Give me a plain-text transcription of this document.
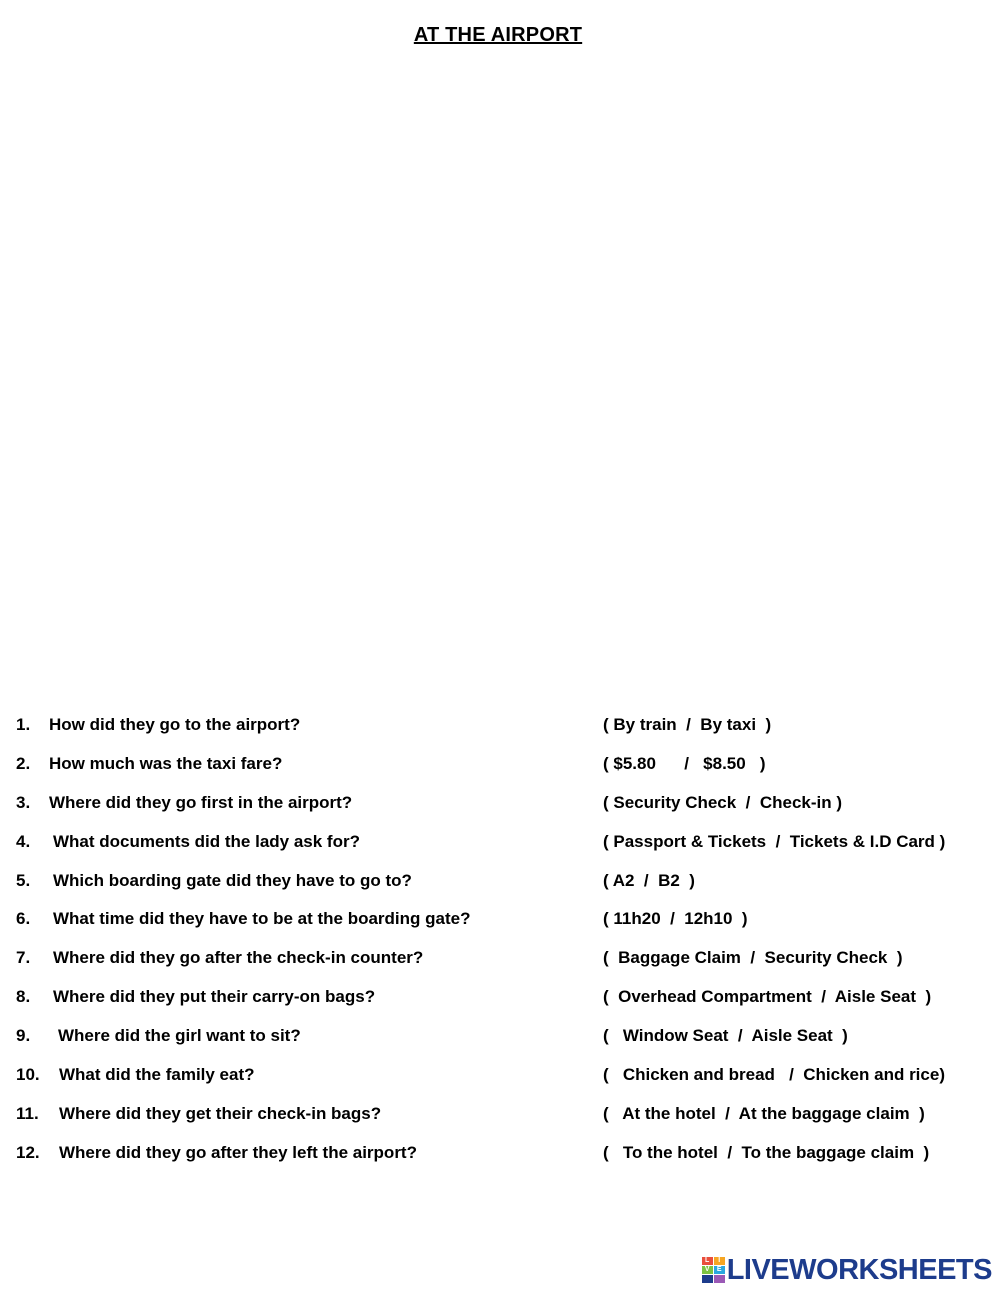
AT THE AIRPORT
1. How did they go to the airport?	( By train  /  By taxi  )
2. How much was the taxi fare?	( $5.80      /   $8.50   )
3. Where did they go first in the airport?	( Security Check  /  Check-in )
4. What documents did the lady ask for?	( Passport & Tickets  /  Tickets & I.D Card )
5. Which boarding gate did they have to go to?	( A2  /  B2  )
6. What time did they have to be at the boarding gate?	( 11h20  /  12h10  )
7. Where did they go after the check-in counter?	(  Baggage Claim  /  Security Check  )
8. Where did they put their carry-on bags?	(  Overhead Compartment  /  Aisle Seat  )
9. Where did the girl want to sit?	(   Window Seat  /  Aisle Seat  )
10. What did the family eat?	(   Chicken and bread   /  Chicken and rice)
11. Where did they get their check-in bags?	(   At the hotel  /  At the baggage claim  )
12. Where did they go after they left the airport?	(   To the hotel  /  To the baggage claim  )
L	I
V	E LIVEWORKSHEETS
